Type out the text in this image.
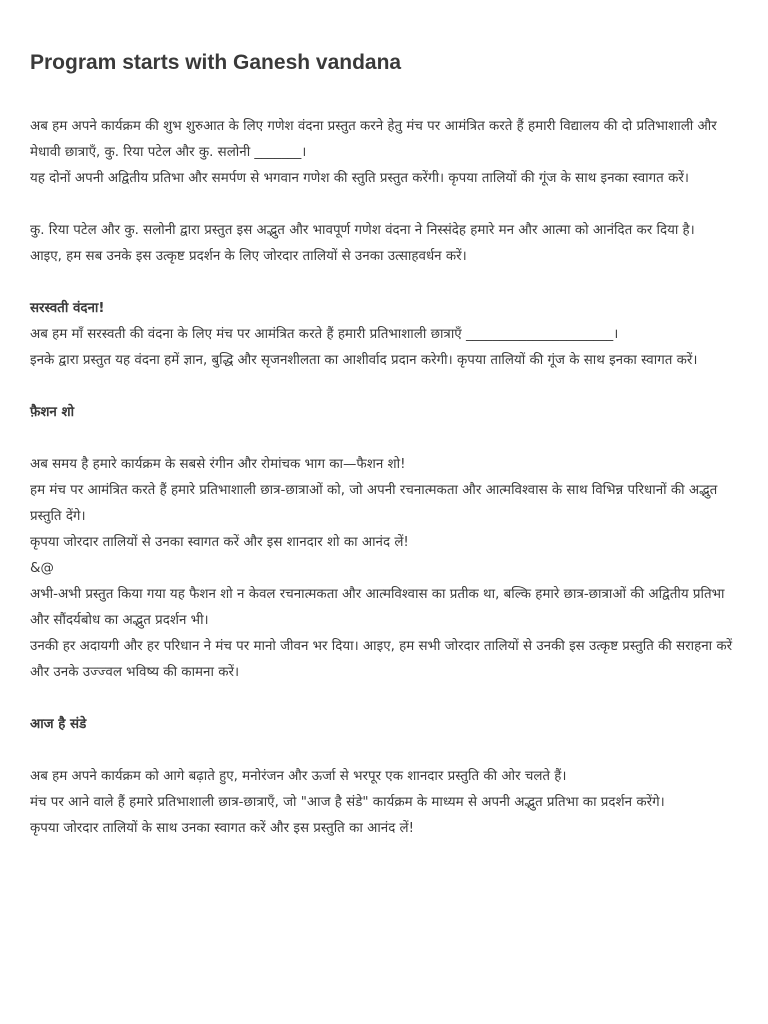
Program starts with Ganesh vandana
अब हम अपने कार्यक्रम की शुभ शुरुआत के लिए गणेश वंदना प्रस्तुत करने हेतु मंच पर आमंत्रित करते हैं हमारी विद्यालय की दो प्रतिभाशाली और मेधावी छात्राएँ, कु. रिया पटेल और कु. सलोनी _______।
यह दोनों अपनी अद्वितीय प्रतिभा और समर्पण से भगवान गणेश की स्तुति प्रस्तुत करेंगी। कृपया तालियों की गूंज के साथ इनका स्वागत करें।
कु. रिया पटेल और कु. सलोनी द्वारा प्रस्तुत इस अद्भुत और भावपूर्ण गणेश वंदना ने निस्संदेह हमारे मन और आत्मा को आनंदित कर दिया है।
आइए, हम सब उनके इस उत्कृष्ट प्रदर्शन के लिए जोरदार तालियों से उनका उत्साहवर्धन करें।
सरस्वती वंदना!
अब हम माँ सरस्वती की वंदना के लिए मंच पर आमंत्रित करते हैं हमारी प्रतिभाशाली छात्राएँ ______________________।
इनके द्वारा प्रस्तुत यह वंदना हमें ज्ञान, बुद्धि और सृजनशीलता का आशीर्वाद प्रदान करेगी। कृपया तालियों की गूंज के साथ इनका स्वागत करें।

फ़ैशन शो

अब समय है हमारे कार्यक्रम के सबसे रंगीन और रोमांचक भाग का—फैशन शो!
हम मंच पर आमंत्रित करते हैं हमारे प्रतिभाशाली छात्र-छात्राओं को, जो अपनी रचनात्मकता और आत्मविश्वास के साथ विभिन्न परिधानों की अद्भुत प्रस्तुति देंगे।
कृपया जोरदार तालियों से उनका स्वागत करें और इस शानदार शो का आनंद लें!
&@
अभी-अभी प्रस्तुत किया गया यह फैशन शो न केवल रचनात्मकता और आत्मविश्वास का प्रतीक था, बल्कि हमारे छात्र-छात्राओं की अद्वितीय प्रतिभा और सौंदर्यबोध का अद्भुत प्रदर्शन भी।
उनकी हर अदायगी और हर परिधान ने मंच पर मानो जीवन भर दिया। आइए, हम सभी जोरदार तालियों से उनकी इस उत्कृष्ट प्रस्तुति की सराहना करें और उनके उज्ज्वल भविष्य की कामना करें।

आज है संडे

अब हम अपने कार्यक्रम को आगे बढ़ाते हुए, मनोरंजन और ऊर्जा से भरपूर एक शानदार प्रस्तुति की ओर चलते हैं।
मंच पर आने वाले हैं हमारे प्रतिभाशाली छात्र-छात्राएँ, जो "आज है संडे" कार्यक्रम के माध्यम से अपनी अद्भुत प्रतिभा का प्रदर्शन करेंगे।
कृपया जोरदार तालियों के साथ उनका स्वागत करें और इस प्रस्तुति का आनंद लें!
